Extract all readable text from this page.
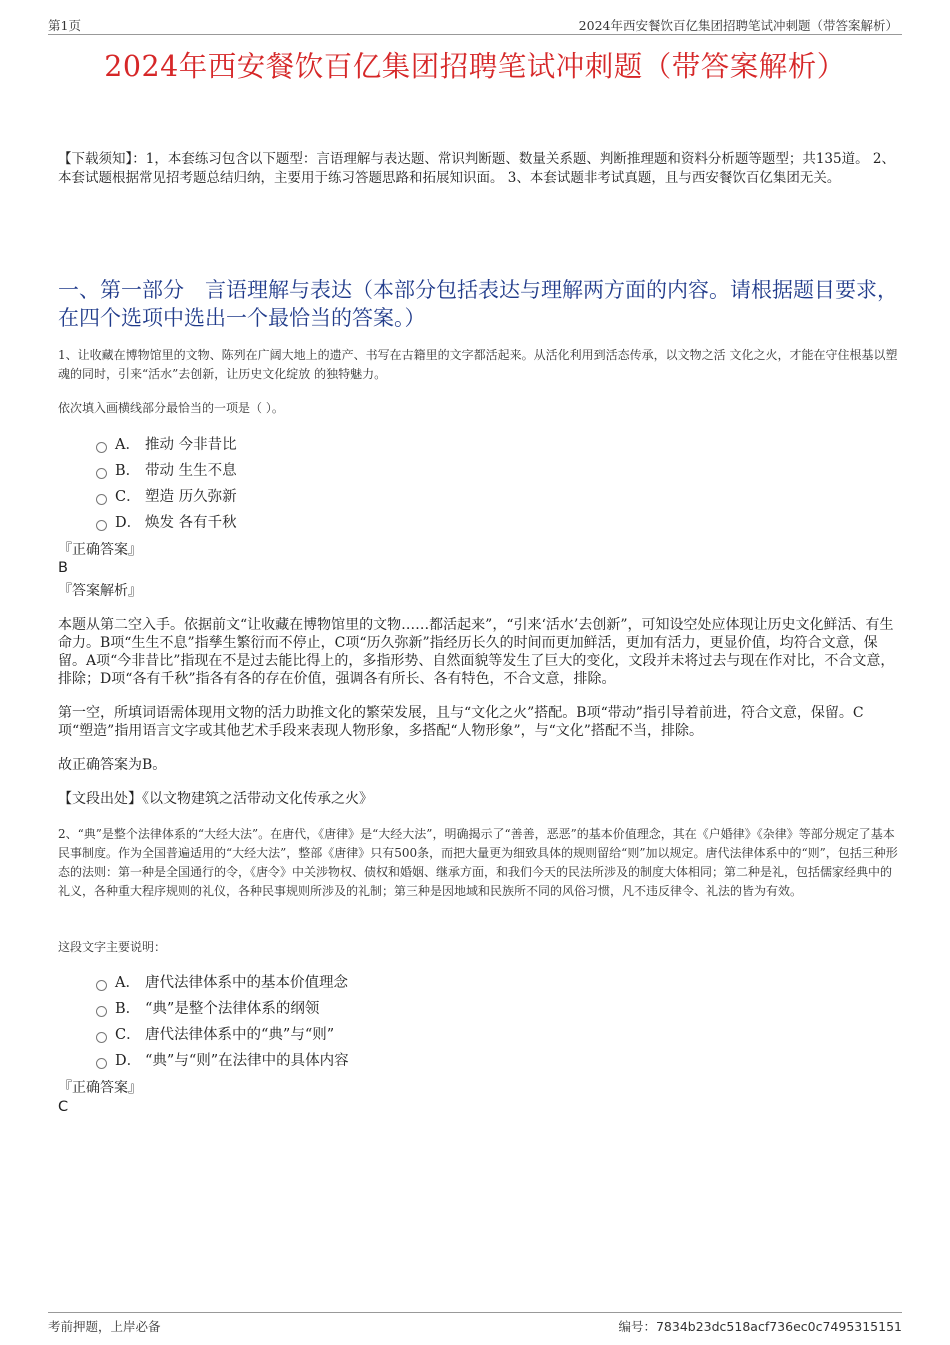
第1页	2024年西安餐饮百亿集团招聘笔试冲刺题（带答案解析）
2024年西安餐饮百亿集团招聘笔试冲刺题（带答案解析）
【下载须知】：1，本套练习包含以下题型：言语理解与表达题、常识判断题、数量关系题、判断推理题和资料分析题等题型；共135道。 2、本套试题根据常见招考题总结归纳，主要用于练习答题思路和拓展知识面。 3、本套试题非考试真题，且与西安餐饮百亿集团无关。
一、第一部分　言语理解与表达（本部分包括表达与理解两方面的内容。请根据题目要求，在四个选项中选出一个最恰当的答案。）
1、让收藏在博物馆里的文物、陈列在广阔大地上的遗产、书写在古籍里的文字都活起来。从活化利用到活态传承，以文物之活 文化之火，才能在守住根基以塑魂的同时，引来“活水”去创新，让历史文化绽放 的独特魅力。
依次填入画横线部分最恰当的一项是（ ）。
A． 推动 今非昔比
B． 带动 生生不息
C． 塑造 历久弥新
D． 焕发 各有千秋
『正确答案』
B
『答案解析』
本题从第二空入手。依据前文“让收藏在博物馆里的文物……都活起来”，“引来‘活水’去创新”，可知设空处应体现让历史文化鲜活、有生命力。B项“生生不息”指孳生繁衍而不停止，C项“历久弥新”指经历长久的时间而更加鲜活，更加有活力，更显价值，均符合文意，保留。A项“今非昔比”指现在不是过去能比得上的，多指形势、自然面貌等发生了巨大的变化，文段并未将过去与现在作对比，不合文意，排除；D项“各有千秋”指各有各的存在价值，强调各有所长、各有特色，不合文意，排除。
第一空，所填词语需体现用文物的活力助推文化的繁荣发展，且与“文化之火”搭配。B项“带动”指引导着前进，符合文意，保留。C项“塑造”指用语言文字或其他艺术手段来表现人物形象，多搭配“人物形象”，与“文化”搭配不当，排除。
故正确答案为B。
【文段出处】《以文物建筑之活带动文化传承之火》
2、“典”是整个法律体系的“大经大法”。在唐代，《唐律》是“大经大法”，明确揭示了“善善，恶恶”的基本价值理念，其在《户婚律》《杂律》等部分规定了基本民事制度。作为全国普遍适用的“大经大法”，整部《唐律》只有500条，而把大量更为细致具体的规则留给“则”加以规定。唐代法律体系中的“则”，包括三种形态的法则：第一种是全国通行的令，《唐令》中关涉物权、债权和婚姻、继承方面，和我们今天的民法所涉及的制度大体相同；第二种是礼，包括儒家经典中的礼义，各种重大程序规则的礼仪，各种民事规则所涉及的礼制；第三种是因地域和民族所不同的风俗习惯，凡不违反律令、礼法的皆为有效。
这段文字主要说明：
A． 唐代法律体系中的基本价值理念
B． “典”是整个法律体系的纲领
C． 唐代法律体系中的“典”与“则”
D． “典”与“则”在法律中的具体内容
『正确答案』
C
考前押题，上岸必备	编号：7834b23dc518acf736ec0c7495315151
